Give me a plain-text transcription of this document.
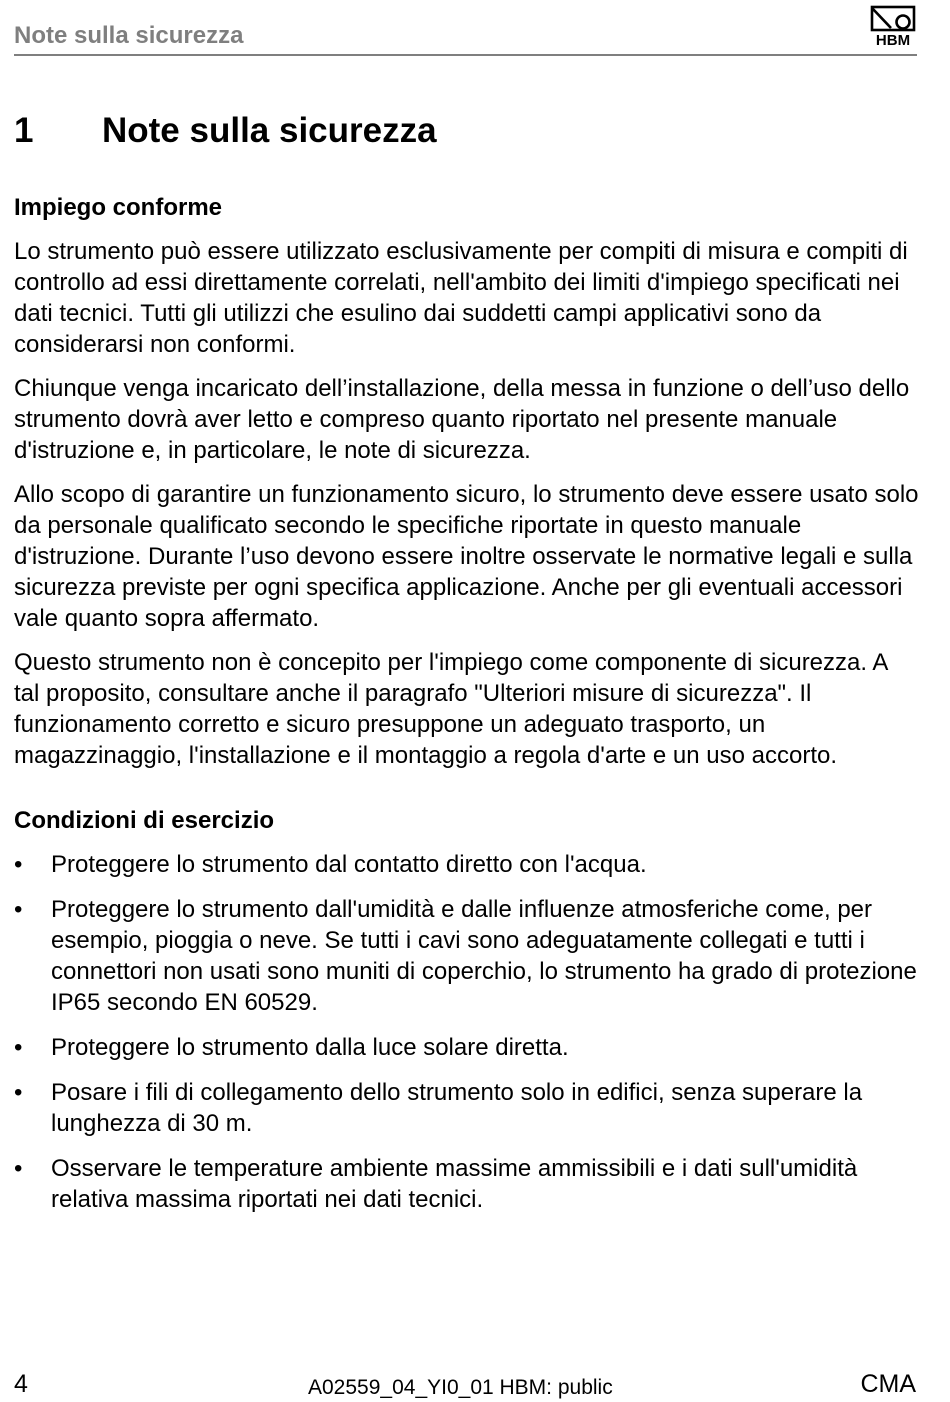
Note sulla sicurezza	HBM
1 Note sulla sicurezza
Impiego conforme

Lo strumento può essere utilizzato esclusivamente per compiti di misura e compiti di controllo ad essi direttamente correlati, nell'ambito dei limiti d'impiego specificati nei dati tecnici. Tutti gli utilizzi che esulino dai suddetti campi applicativi sono da considerarsi non conformi.

Chiunque venga incaricato dell’installazione, della messa in funzione o dell’uso dello strumento dovrà aver letto e compreso quanto riportato nel presente manuale d'istruzione e, in particolare, le note di sicurezza.

Allo scopo di garantire un funzionamento sicuro, lo strumento deve essere usato solo da personale qualificato secondo le specifiche riportate in questo manuale d'istruzione. Durante l’uso devono essere inoltre osservate le normative legali e sulla sicurezza previste per ogni specifica applicazione. Anche per gli eventuali accessori vale quanto sopra affermato.

Questo strumento non è concepito per l'impiego come componente di sicurezza. A tal proposito, consultare anche il paragrafo "Ulteriori misure di sicurezza". Il funzionamento corretto e sicuro presuppone un adeguato trasporto, un magazzinaggio, l'installazione e il montaggio a regola d'arte e un uso accorto.

Condizioni di esercizio
• Proteggere lo strumento dal contatto diretto con l'acqua.
• Proteggere lo strumento dall'umidità e dalle influenze atmosferiche come, per esempio, pioggia o neve. Se tutti i cavi sono adeguatamente collegati e tutti i connettori non usati sono muniti di coperchio, lo strumento ha grado di protezione IP65 secondo EN 60529.
• Proteggere lo strumento dalla luce solare diretta.
• Posare i fili di collegamento dello strumento solo in edifici, senza superare la lunghezza di 30 m.
• Osservare le temperature ambiente massime ammissibili e i dati sull'umidità relativa massima riportati nei dati tecnici.
4	A02559_04_YI0_01 HBM: public	CMA
